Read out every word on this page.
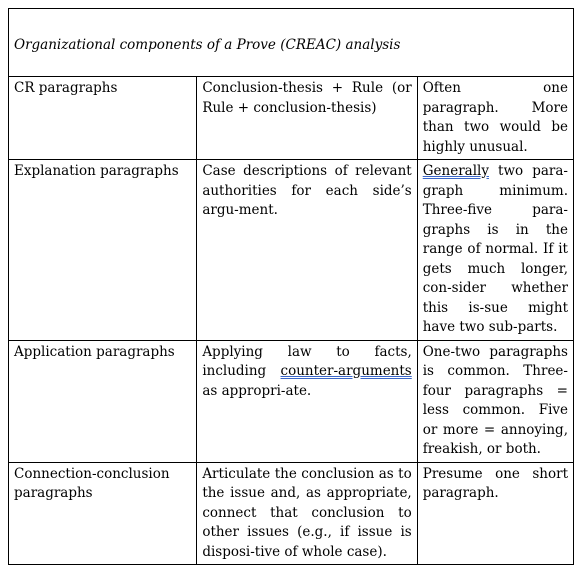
Organizational components of a Prove (CREAC) analysis		
CR paragraphs	Conclusion-thesis + Rule (or Rule + conclusion-thesis)	Often one paragraph. More than two would be highly unusual.
Explanation paragraphs	Case descriptions of relevant authorities for each side’s argu-ment.	Generally two para-graph minimum. Three-five para-graphs is in the range of normal. If it gets much longer, con-sider whether this is-sue might have two sub-parts.
Application paragraphs	Applying law to facts, including counter-arguments as appropri-ate.	One-two paragraphs is common. Three-four paragraphs = less common. Five or more = annoying, freakish, or both.
Connection-conclusion paragraphs	Articulate the conclusion as to the issue and, as appropriate, connect that conclusion to other issues (e.g., if issue is disposi-tive of whole case).	Presume one short paragraph.
